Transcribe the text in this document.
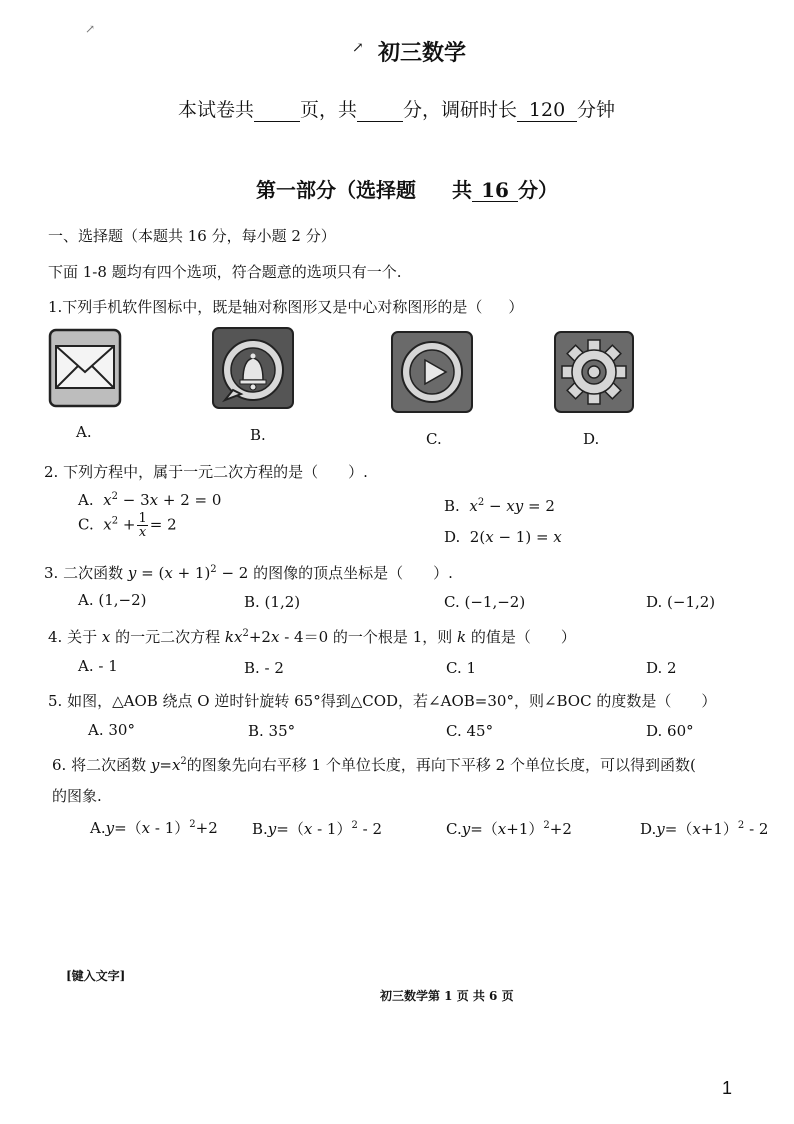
↗
↗ 初三数学
本试卷共 页，共 分，调研时长 120 分钟
第一部分（选择题 共 16 分）
一、选择题（本题共 16 分，每小题 2 分）
下面 1-8 题均有四个选项，符合题意的选项只有一个.
1.下列手机软件图标中，既是轴对称图形又是中心对称图形的是（ ）
A.	B.	C.	D.
2. 下列方程中，属于一元二次方程的是（　　）.
A. $x^2 - 3x + 2 = 0$	B. $x^2$ − xy = 2
C. $x^2 + \frac{1}{x} = 2$
D.  2(x − 1) = x
3. 二次函数 $y = (x + 1)^2 - 2$ 的图像的顶点坐标是（　　）.
A. (1,−2)	B. (1,2)	C. (−1,−2)	D. (−1,2)
4. 关于 x 的一元二次方程 $kx^2+2x - 4=0$ 的一个根是 1，则 k 的值是（　　）
A. - 1	B. - 2	C. 1	D. 2
5. 如图，△AOB 绕点 O 逆时针旋转 65°得到△COD，若∠AOB=30°，则∠BOC 的度数是（　　）
A. 30°	B. 35°	C. 45°	D. 60°
6. 将二次函数 $y=x^2$的图象先向右平移 1 个单位长度，再向下平移 2 个单位长度，可以得到函数(
的图象.
A.y=（x - 1）$^2$+2 B.y=（x - 1）$^2$ - 2	$C.y=(x+1)^2+2$	$D.y=(x+1)^2 - 2$
[键入文字]
初三数学第 1 页 共 6 页
1
